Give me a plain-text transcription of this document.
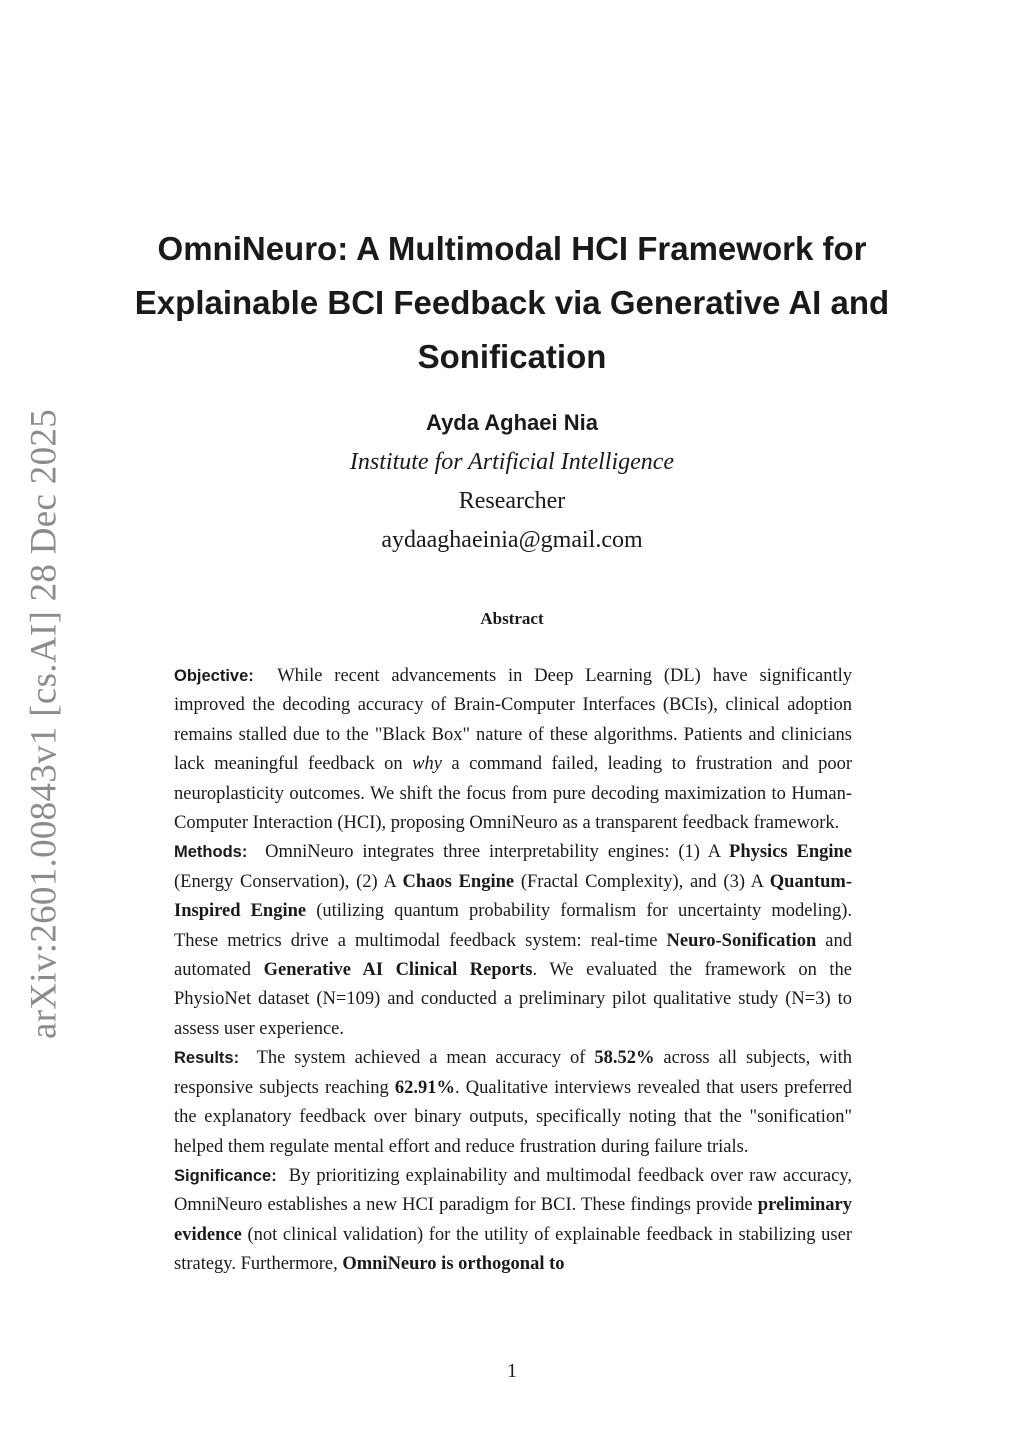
arXiv:2601.00843v1 [cs.AI] 28 Dec 2025
OmniNeuro: A Multimodal HCI Framework for
Explainable BCI Feedback via Generative AI and
Sonification
Ayda Aghaei Nia
Institute for Artificial Intelligence
Researcher
aydaaghaeinia@gmail.com
Abstract

Objective: While recent advancements in Deep Learning (DL) have significantly improved the decoding accuracy of Brain-Computer Interfaces (BCIs), clinical adoption remains stalled due to the "Black Box" nature of these algorithms. Patients and clinicians lack meaningful feedback on why a command failed, leading to frustration and poor neuroplasticity outcomes. We shift the focus from pure decoding maximization to Human-Computer Interaction (HCI), proposing OmniNeuro as a transparent feedback framework.

Methods: OmniNeuro integrates three interpretability engines: (1) A Physics Engine (Energy Conservation), (2) A Chaos Engine (Fractal Complexity), and (3) A Quantum-Inspired Engine (utilizing quantum probability formalism for uncertainty modeling). These metrics drive a multimodal feedback system: real-time Neuro-Sonification and automated Generative AI Clinical Reports. We evaluated the framework on the PhysioNet dataset (N=109) and conducted a preliminary pilot qualitative study (N=3) to assess user experience.

Results: The system achieved a mean accuracy of 58.52% across all subjects, with responsive subjects reaching 62.91%. Qualitative interviews revealed that users preferred the explanatory feedback over binary outputs, specifically noting that the "sonification" helped them regulate mental effort and reduce frustration during failure trials.

Significance: By prioritizing explainability and multimodal feedback over raw accuracy, OmniNeuro establishes a new HCI paradigm for BCI. These findings provide preliminary evidence (not clinical validation) for the utility of explainable feedback in stabilizing user strategy. Furthermore, OmniNeuro is orthogonal to

1
